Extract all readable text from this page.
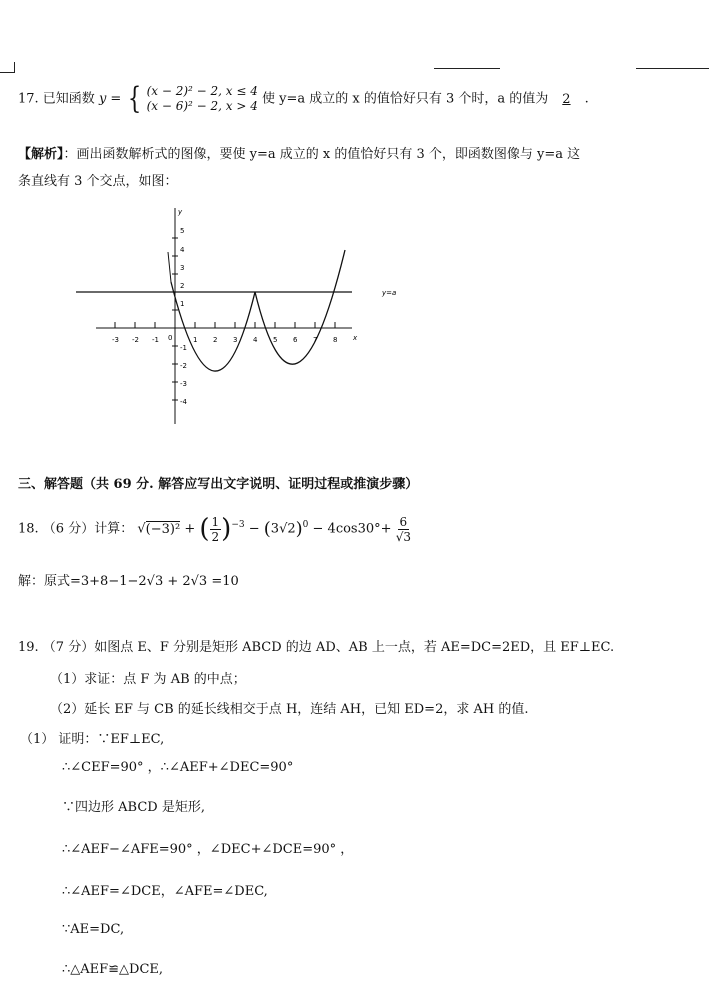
17. 已知函数 y = { (x − 2)² − 2, x ≤ 4
(x − 6)² − 2, x > 4 使 y=a 成立的 x 的值恰好只有 3 个时，a 的值为 2 .
【解析】：画出函数解析式的图像，要使 y=a 成立的 x 的值恰好只有 3 个，即函数图像与 y=a 这
条直线有 3 个交点，如图：
-3 -2 -1 0	1 2 3 4 5 6 7 8 x
y
5
4
3
2
1
-1
-2
-3
-4
y=a
三、解答题（共 69 分. 解答应写出文字说明、证明过程或推演步骤）
18. （6 分）计算： √(−3)² + ( $\frac{1}{2} )^{-3} - (3√2)^0 - 4\cos 30^\circ+ \frac{6}{√3}$
解：原式=3+8−1−2√3 + 2√3 =10
19. （7 分）如图点 E、F 分别是矩形 ABCD 的边 AD、AB 上一点，若 AE=DC=2ED，且 EF⊥EC.
（1）求证：点 F 为 AB 的中点；
（2）延长 EF 与 CB 的延长线相交于点 H，连结 AH，已知 ED=2，求 AH 的值.
（1） 证明：∵EF⊥EC,
∴∠CEF=90° ，∴∠AEF+∠DEC=90°
∵四边形 ABCD 是矩形,
∴∠AEF−∠AFE=90° ，∠DEC+∠DCE=90° ，
∴∠AEF=∠DCE，∠AFE=∠DEC,
∵AE=DC,
∴△AEF≌△DCE,
